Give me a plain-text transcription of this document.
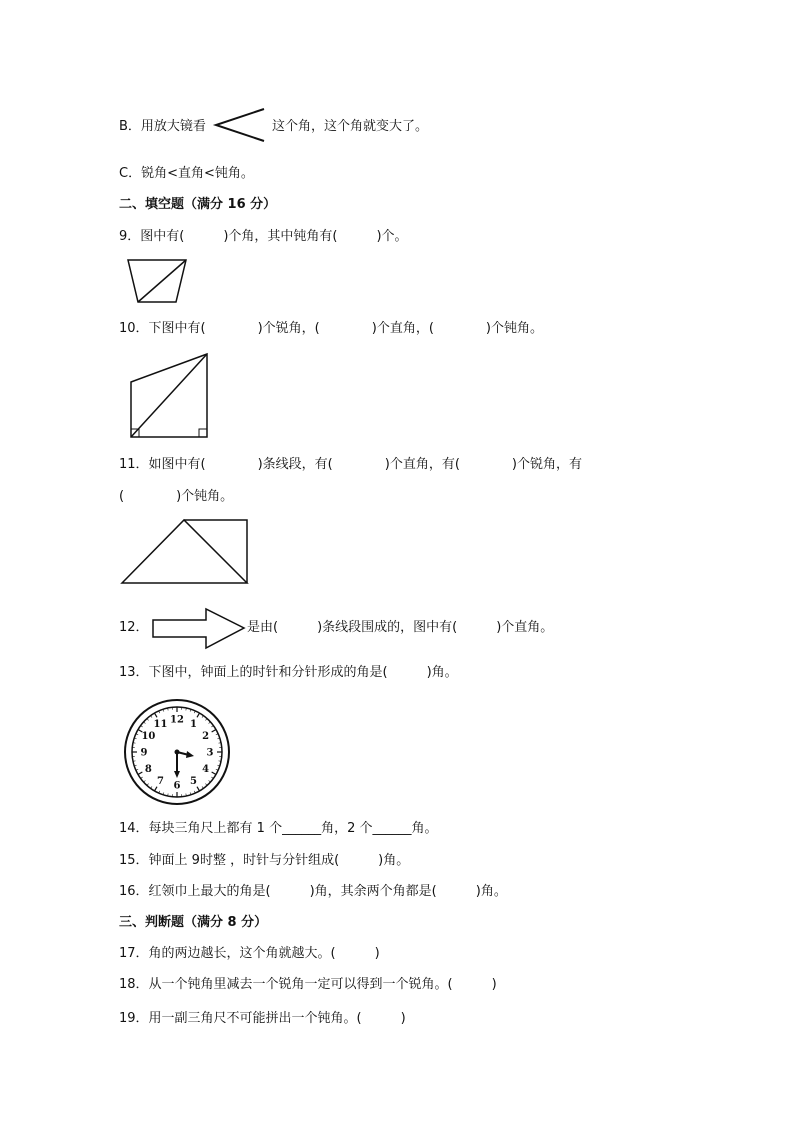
B．用放大镜看	这个角，这个角就变大了。
C．锐角<直角<钝角。
二、填空题（满分 16 分）
9．图中有(　　　)个角，其中钝角有(　　　)个。
10．下图中有(　　　　)个锐角，(　　　　)个直角，(　　　　)个钝角。
11．如图中有(　　　　)条线段，有(　　　　)个直角，有(　　　　)个锐角，有
(　　　　)个钝角。
12．	是由(　　　)条线段围成的，图中有(　　　)个直角。
13．下图中，钟面上的时针和分针形成的角是(　　　)角。
12 1
2
3
4
5
6
7
8
9
10
11
14．每块三角尺上都有 1 个______角，2 个______角。
15．钟面上 9时整 ，时针与分针组成(　　　)角。
16．红领巾上最大的角是(　　　)角，其余两个角都是(　　　)角。
三、判断题（满分 8 分）
17．角的两边越长，这个角就越大。(　　　)
18．从一个钝角里减去一个锐角一定可以得到一个锐角。(　　　)
19．用一副三角尺不可能拼出一个钝角。(　　　)
